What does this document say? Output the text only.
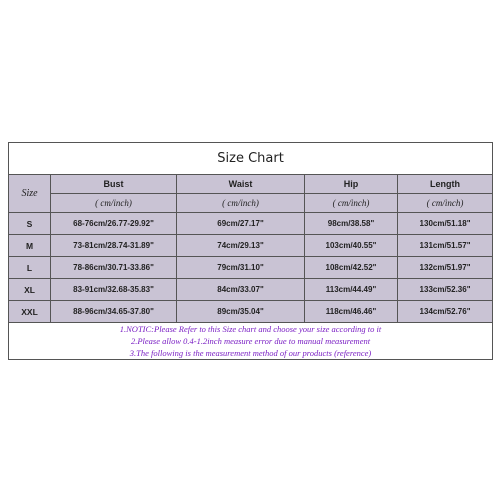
Size Chart				
Size	Bust	Waist	Hip	Length
	( cm/inch)	( cm/inch)	( cm/inch)	( cm/inch)
S	68-76cm/26.77-29.92"	69cm/27.17"	98cm/38.58"	130cm/51.18"
M	73-81cm/28.74-31.89"	74cm/29.13"	103cm/40.55"	131cm/51.57"
L	78-86cm/30.71-33.86"	79cm/31.10"	108cm/42.52"	132cm/51.97"
XL	83-91cm/32.68-35.83"	84cm/33.07"	113cm/44.49"	133cm/52.36"
XXL	88-96cm/34.65-37.80"	89cm/35.04"	118cm/46.46"	134cm/52.76"

1.NOTIC:Please Refer to this Size chart and choose your size according to it
2.Please allow 0.4-1.2inch measure error due to manual measurement
3.The following is the measurement method of our products (reference)				
